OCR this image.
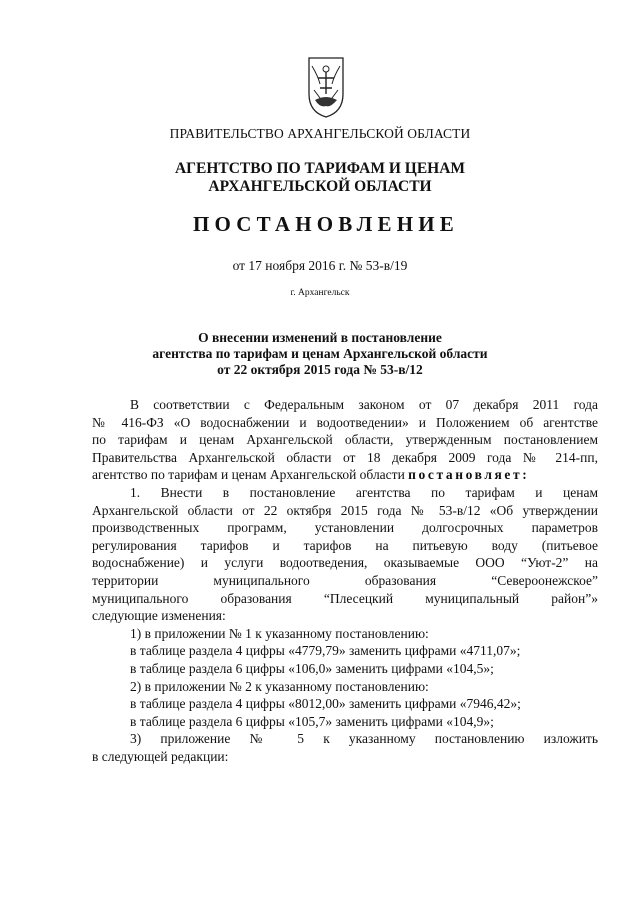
ПРАВИТЕЛЬСТВО АРХАНГЕЛЬСКОЙ ОБЛАСТИ
АГЕНТСТВО ПО ТАРИФАМ И ЦЕНАМ
АРХАНГЕЛЬСКОЙ ОБЛАСТИ
ПОСТАНОВЛЕНИЕ
от 17 ноября 2016 г. № 53-в/19
г. Архангельск
О внесении изменений в постановление
агентства по тарифам и ценам Архангельской области
от 22 октября 2015 года № 53-в/12
В соответствии с Федеральным законом от 07 декабря 2011 года
№ 416-ФЗ «О водоснабжении и водоотведении» и Положением об агентстве
по тарифам и ценам Архангельской области, утвержденным постановлением
Правительства Архангельской области от 18 декабря 2009 года № 214-пп,
агентство по тарифам и ценам Архангельской области постановляет:
1. Внести в постановление агентства по тарифам и ценам
Архангельской области от 22 октября 2015 года № 53-в/12 «Об утверждении
производственных программ, установлении долгосрочных параметров
регулирования тарифов и тарифов на питьевую воду (питьевое
водоснабжение) и услуги водоотведения, оказываемые ООО “Уют-2” на
территории муниципального образования “Североонежское”
муниципального образования “Плесецкий муниципальный район”»
следующие изменения:
1) в приложении № 1 к указанному постановлению:
в таблице раздела 4 цифры «4779,79» заменить цифрами «4711,07»;
в таблице раздела 6 цифры «106,0» заменить цифрами «104,5»;
2) в приложении № 2 к указанному постановлению:
в таблице раздела 4 цифры «8012,00» заменить цифрами «7946,42»;
в таблице раздела 6 цифры «105,7» заменить цифрами «104,9»;
3) приложение № 5 к указанному постановлению изложить
в следующей редакции:
